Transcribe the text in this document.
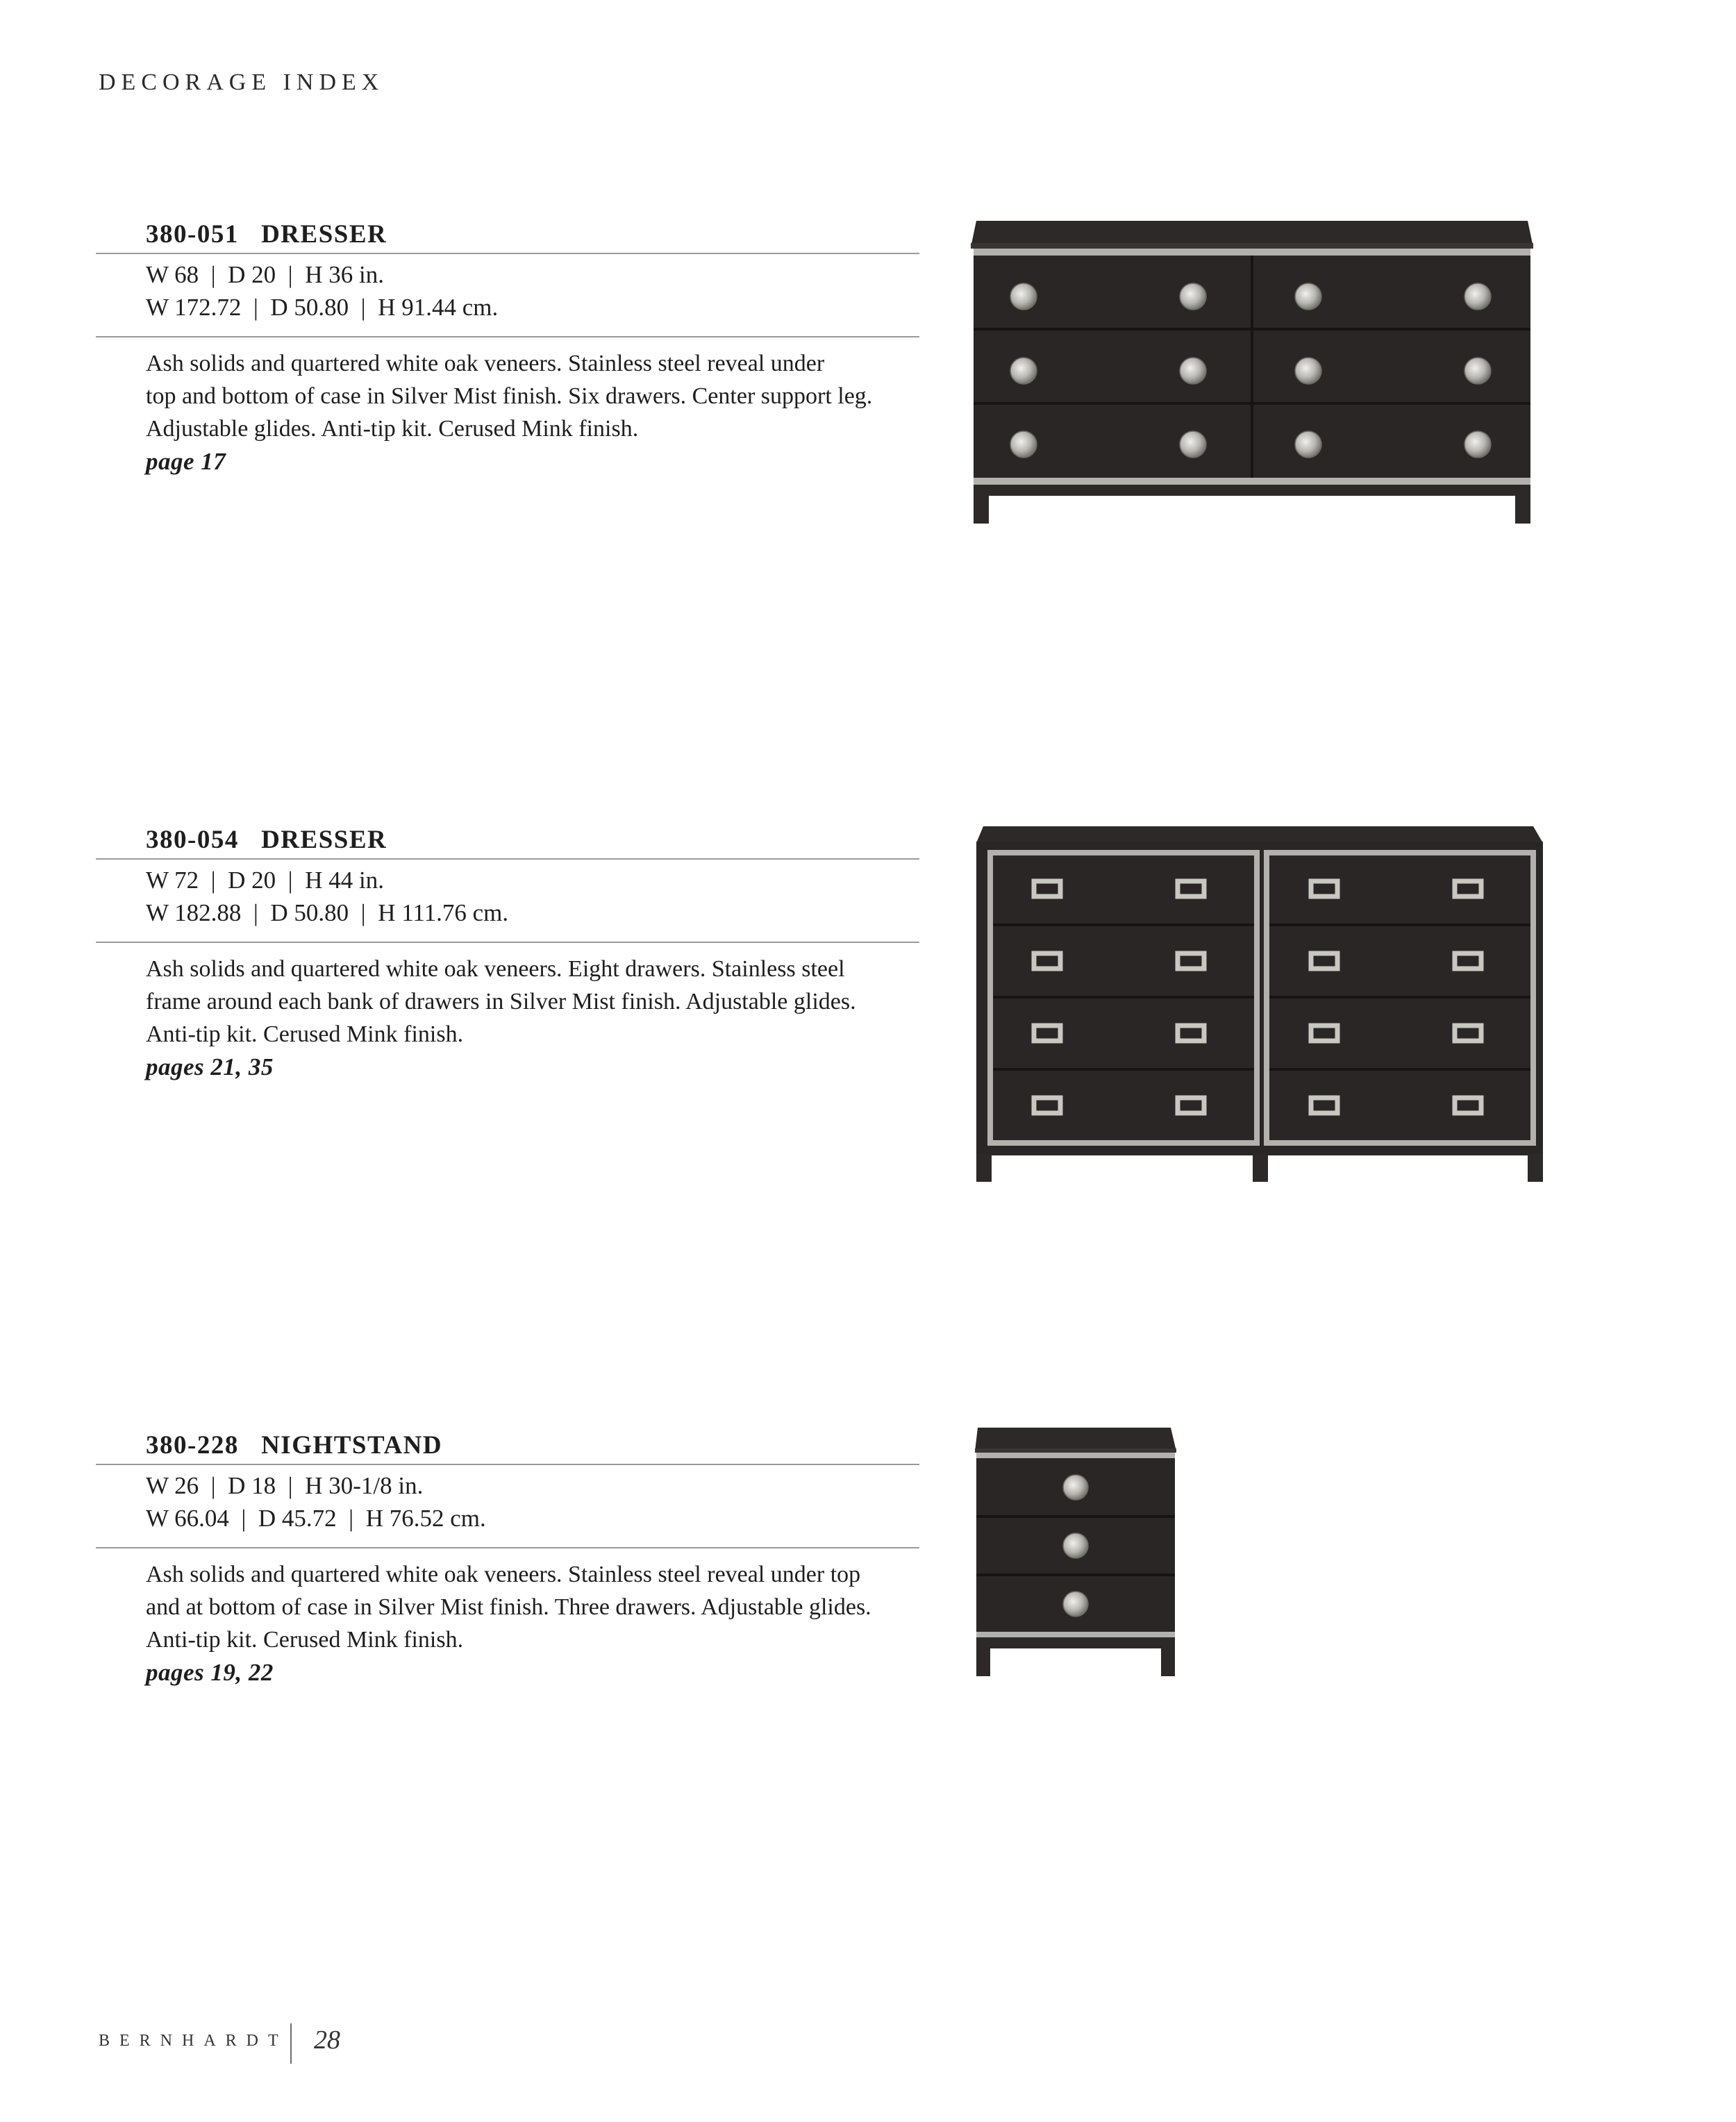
DECORAGE INDEX
380-051   DRESSER
W 68  |  D 20  |  H 36 in.
W 172.72  |  D 50.80  |  H 91.44 cm.

Ash solids and quartered white oak veneers. Stainless steel reveal under

top and bottom of case in Silver Mist finish. Six drawers. Center support leg.

Adjustable glides. Anti-tip kit. Cerused Mink finish.

page 17

380-054   DRESSER
W 72  |  D 20  |  H 44 in.
W 182.88  |  D 50.80  |  H 111.76 cm.

Ash solids and quartered white oak veneers. Eight drawers. Stainless steel

frame around each bank of drawers in Silver Mist finish. Adjustable glides.

Anti-tip kit. Cerused Mink finish.

pages 21, 35

380-228   NIGHTSTAND
W 26  |  D 18  |  H 30-1/8 in.
W 66.04  |  D 45.72  |  H 76.52 cm.

Ash solids and quartered white oak veneers. Stainless steel reveal under top

and at bottom of case in Silver Mist finish. Three drawers. Adjustable glides.

Anti-tip kit. Cerused Mink finish.

pages 19, 22

BERNHARDT 28
